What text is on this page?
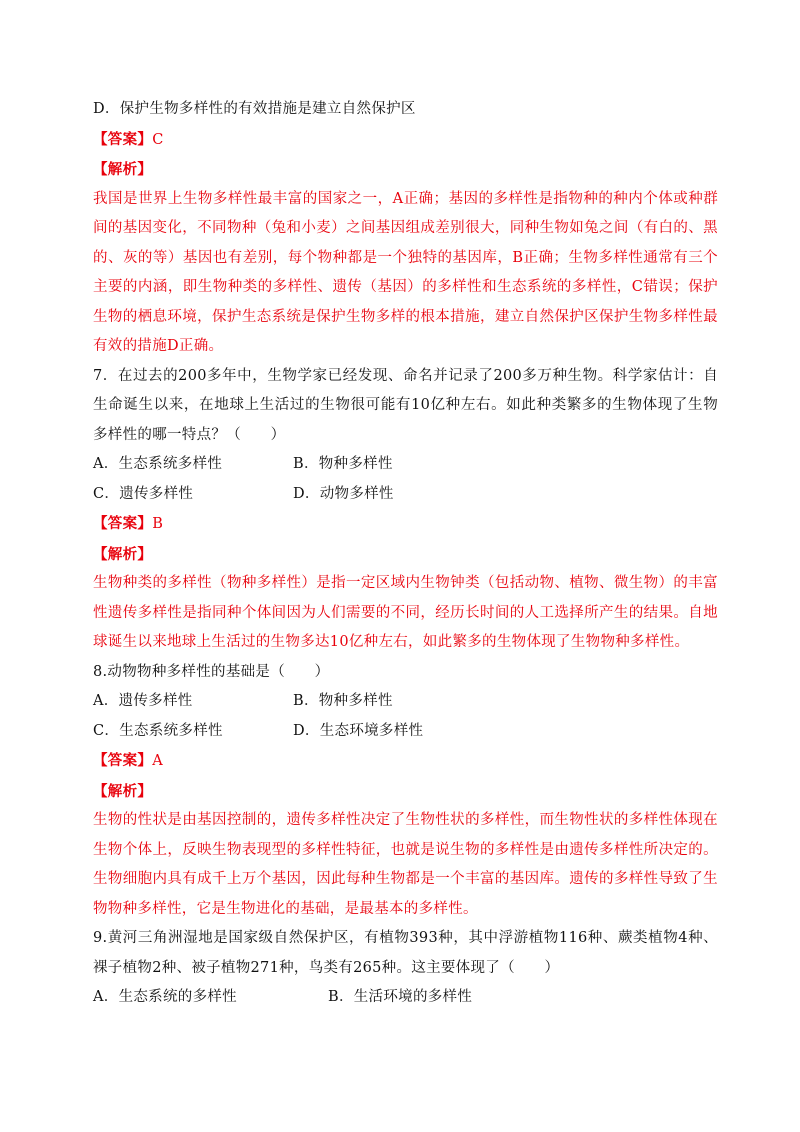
D．保护生物多样性的有效措施是建立自然保护区
【答案】C
【解析】
我国是世界上生物多样性最丰富的国家之一，A正确；基因的多样性是指物种的种内个体或种群间的基因变化，不同物种（兔和小麦）之间基因组成差别很大，同种生物如兔之间（有白的、黑的、灰的等）基因也有差别，每个物种都是一个独特的基因库，B正确；生物多样性通常有三个主要的内涵，即生物种类的多样性、遗传（基因）的多样性和生态系统的多样性，C错误；保护生物的栖息环境，保护生态系统是保护生物多样的根本措施，建立自然保护区保护生物多样性最有效的措施D正确。
7．在过去的200多年中，生物学家已经发现、命名并记录了200多万种生物。科学家估计：自生命诞生以来，在地球上生活过的生物很可能有10亿种左右。如此种类繁多的生物体现了生物多样性的哪一特点？（　　）
A．生态系统多样性	B．物种多样性
C．遗传多样性	D．动物多样性
【答案】B
【解析】
生物种类的多样性（物种多样性）是指一定区域内生物钟类（包括动物、植物、微生物）的丰富性遗传多样性是指同种个体间因为人们需要的不同，经历长时间的人工选择所产生的结果。自地球诞生以来地球上生活过的生物多达10亿种左右，如此繁多的生物体现了生物物种多样性。
8.动物物种多样性的基础是（　　）
A．遗传多样性	B．物种多样性
C．生态系统多样性	D．生态环境多样性
【答案】A
【解析】
生物的性状是由基因控制的，遗传多样性决定了生物性状的多样性，而生物性状的多样性体现在生物个体上，反映生物表现型的多样性特征，也就是说生物的多样性是由遗传多样性所决定的。生物细胞内具有成千上万个基因，因此每种生物都是一个丰富的基因库。遗传的多样性导致了生物物种多样性，它是生物进化的基础，是最基本的多样性。
9.黄河三角洲湿地是国家级自然保护区，有植物393种，其中浮游植物116种、蕨类植物4种、裸子植物2种、被子植物271种，鸟类有265种。这主要体现了（　　）
A．生态系统的多样性	B．生活环境的多样性
